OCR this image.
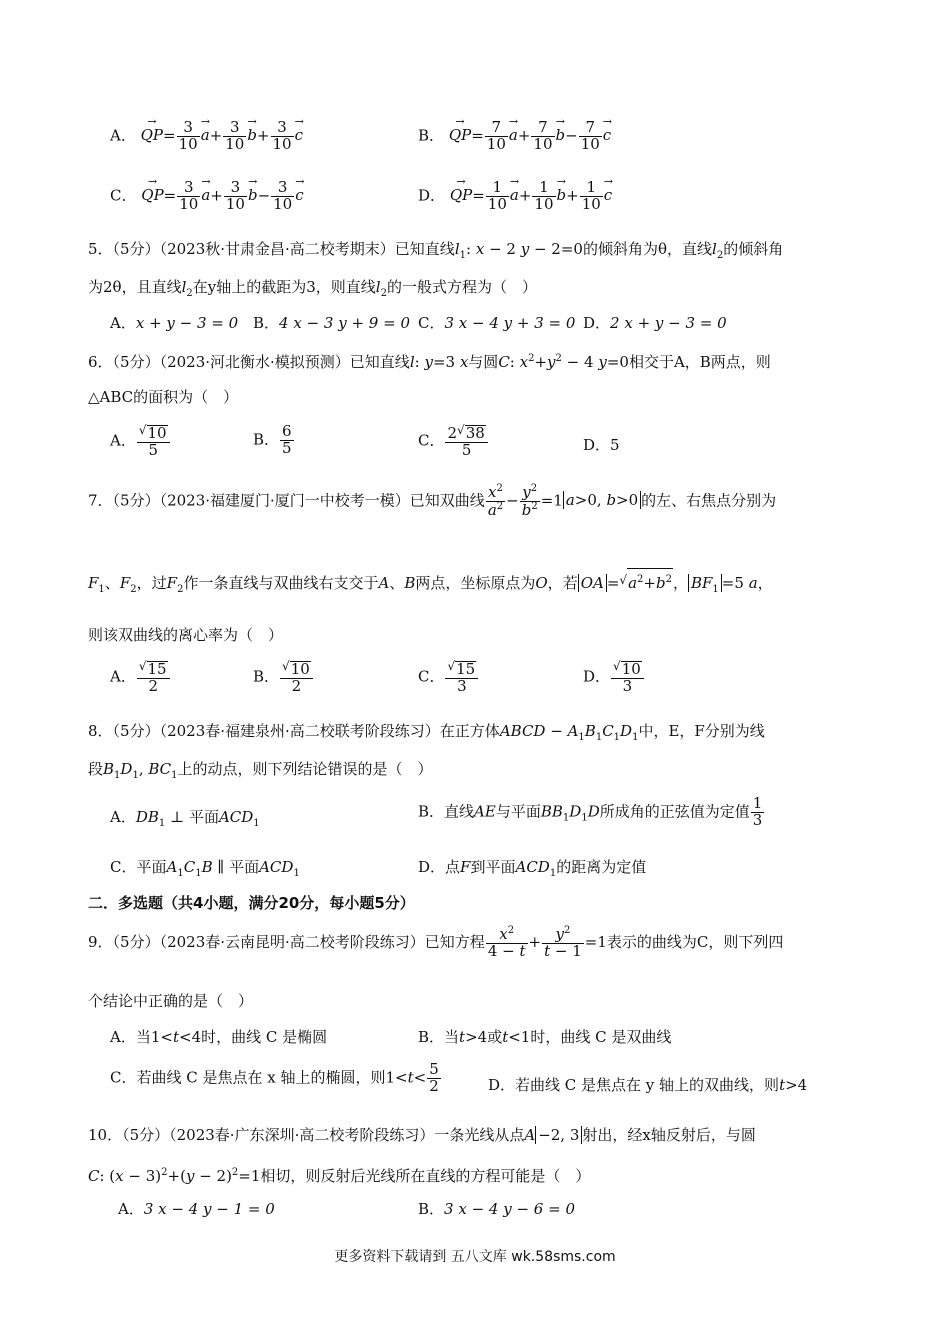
A． → $QP= \frac{3}{10}$
→ $a+ \frac{3}{10}$
→ $b+ \frac{3}{10}$
→ c	B． → $QP= \frac{7}{10}$
→ $a+ \frac{7}{10}$
→ $b- \frac{7}{10}$
→ c
C． → $QP= \frac{3}{10}$
→ $a+ \frac{3}{10}$
→ $b- \frac{3}{10}$
→ c	D． → $QP= \frac{1}{10}$
→ $a+ \frac{1}{10}$
→ $b+ \frac{1}{10}$
→ c
5．（5分）（2023秋·甘肃金昌·高二校考期末）已知直线$l_1$: x − 2 y − 2=0的倾斜角为θ，直线$l_2$的倾斜角
为2θ，且直线$l_2$在y轴上的截距为3，则直线$l_2$的一般式方程为（　）
A．x + y − 3 = 0 B．4 x − 3 y + 9 = 0 C．3 x − 4 y + 3 = 0 D．2 x + y − 3 = 0
6．（5分）（2023·河北衡水·模拟预测）已知直线l: y=3 x与圆C: $x^2+y^2 - 4$ y=0相交于A，B两点，则
△ABC的面积为（　）
A． $\frac{^√10}{5}$	B． $\frac{6}{5}$	C． $\frac{2^√38}{5}$	D．5
7．（5分）（2023·福建厦门·厦门一中校考一模）已知双曲线 $\frac{x^2}{a^2} - \frac{y^2}{b^2} =1$ a>0, b>0 的左、右焦点分别为
$F_1$、$F_2$，过$F_2$作一条直线与双曲线右支交于A、B两点，坐标原点为O，若 OA $=^√a^2+b^2$， $BF_1 =5$ a，
则该双曲线的离心率为（　）
A． $\frac{^√15}{2}$	B． $\frac{^√10}{2}$	C． $\frac{^√15}{3}$	D． $\frac{^√10}{3}$
8．（5分）（2023春·福建泉州·高二校联考阶段练习）在正方体ABCD − $A_1B_1C_1D_1$中，E，F分别为线
段$B_1D_1$, $BC_1$上的动点，则下列结论错误的是（　）
A．$DB_1$ ⊥ 平面$ACD_1$
B．直线AE与平面$BB_1D_1D$所成角的正弦值为定值 $\frac{1}{3}$
C．平面$A_1C_1B$ ∥ 平面$ACD_1$	D．点F到平面$ACD_1$的距离为定值
二．多选题（共4小题，满分20分，每小题5分）
9．（5分）（2023春·云南昆明·高二校考阶段练习）已知方程 $\frac{x^2}{4 - t} + \frac{y^2}{t - 1} =1$表示的曲线为C，则下列四
个结论中正确的是（　）
A．当1<t<4时，曲线 C 是椭圆	B．当t>4或t<1时，曲线 C 是双曲线
C．若曲线 C 是焦点在 x 轴上的椭圆，则$1<t< \frac{5}{2}$	D．若曲线 C 是焦点在 y 轴上的双曲线，则t>4
10．（5分）（2023春·广东深圳·高二校考阶段练习）一条光线从点A −2, 3 射出，经x轴反射后，与圆
C: $(x - 3)^2+(y - 2)^2=1$相切，则反射后光线所在直线的方程可能是（　）
A．3 x − 4 y − 1 = 0	B．3 x − 4 y − 6 = 0
更多资料下载请到 五八文库 wk.58sms.com
